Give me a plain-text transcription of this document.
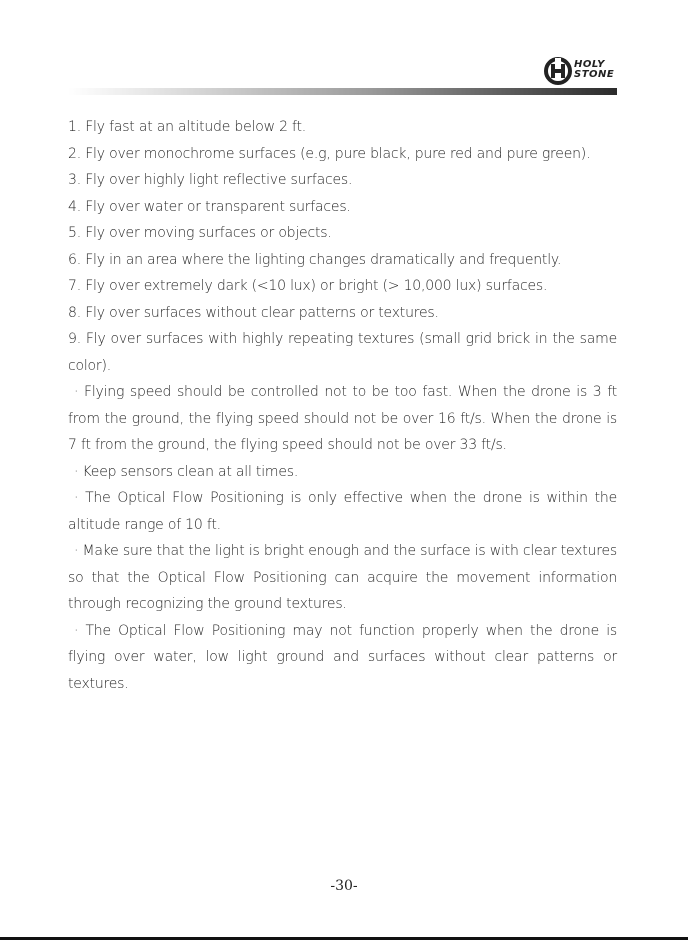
HOLY
STONE

1. Fly fast at an altitude below 2 ft.

2. Fly over monochrome surfaces (e.g, pure black, pure red and pure green).

3. Fly over highly light reflective surfaces.

4. Fly over water or transparent surfaces.

5. Fly over moving surfaces or objects.

6. Fly in an area where the lighting changes dramatically and frequently.

7. Fly over extremely dark (<10 lux) or bright (> 10,000 lux) surfaces.

8. Fly over surfaces without clear patterns or textures.

9. Fly over surfaces with highly repeating textures (small grid brick in the same color).

· Flying speed should be controlled not to be too fast. When the drone is 3 ft from the ground, the flying speed should not be over 16 ft/s. When the drone is 7 ft from the ground, the flying speed should not be over 33 ft/s.

· Keep sensors clean at all times.

· The Optical Flow Positioning is only effective when the drone is within the altitude range of 10 ft.

· Make sure that the light is bright enough and the surface is with clear textures so that the Optical Flow Positioning can acquire the movement information through recognizing the ground textures.

· The Optical Flow Positioning may not function properly when the drone is flying over water, low light ground and surfaces without clear patterns or textures.

-30-
